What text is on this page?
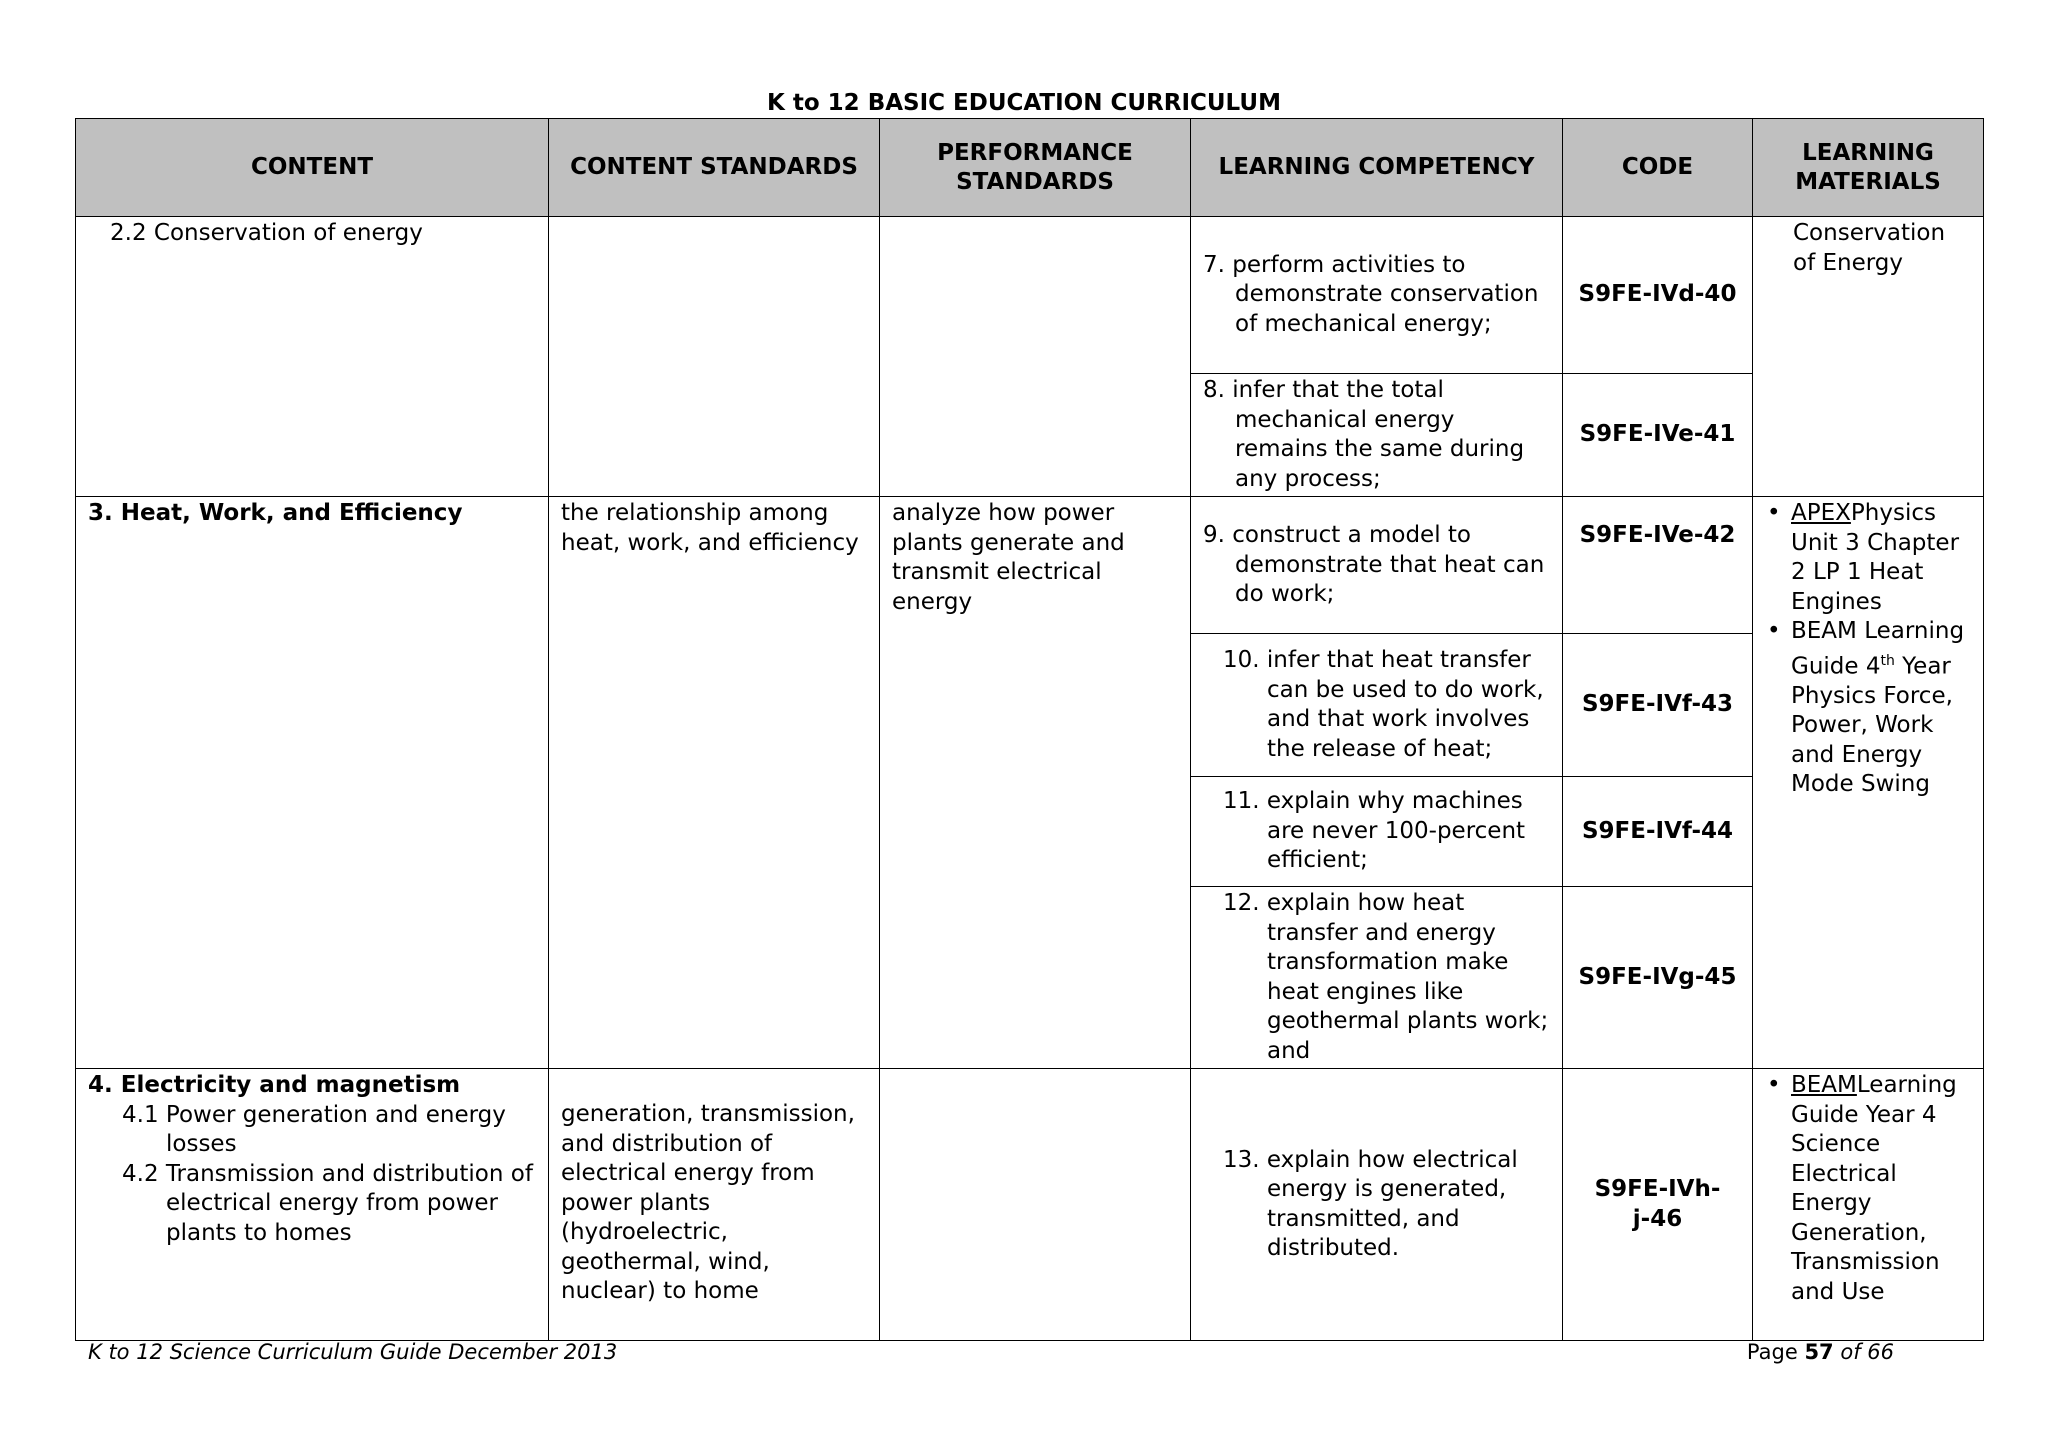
K to 12 BASIC EDUCATION CURRICULUM
CONTENT	CONTENT STANDARDS	PERFORMANCE STANDARDS	LEARNING COMPETENCY	CODE	LEARNING MATERIALS

2.2 Conservation of energy			7. perform activities to demonstrate conservation of mechanical energy;	S9FE-IVd-40	Conservation of Energy

			8. infer that the total mechanical energy remains the same during any process;	S9FE-IVe-41	

3. Heat, Work, and Efficiency	the relationship among heat, work, and efficiency	analyze how power plants generate and transmit electrical energy	9. construct a model to demonstrate that heat can do work;	S9FE-IVe-42	• APEXPhysics Unit 3 Chapter 2 LP 1 Heat Engines
• BEAM Learning Guide 4th Year Physics Force, Power, Work and Energy Mode Swing

			10. infer that heat transfer can be used to do work, and that work involves the release of heat;	S9FE-IVf-43	

			11. explain why machines are never 100-percent efficient;	S9FE-IVf-44	

			12. explain how heat transfer and energy transformation make heat engines like geothermal plants work; and	S9FE-IVg-45	

4. Electricity and magnetism
4.1 Power generation and energy losses
4.2 Transmission and distribution of electrical energy from power plants to homes	generation, transmission, and distribution of electrical energy from power plants (hydroelectric, geothermal, wind, nuclear) to home		13. explain how electrical energy is generated, transmitted, and distributed.	S9FE-IVh-j-46	• BEAMLearning Guide Year 4 Science Electrical Energy Generation, Transmission and Use
K to 12 Science Curriculum Guide December 2013	Page 57 of 66
